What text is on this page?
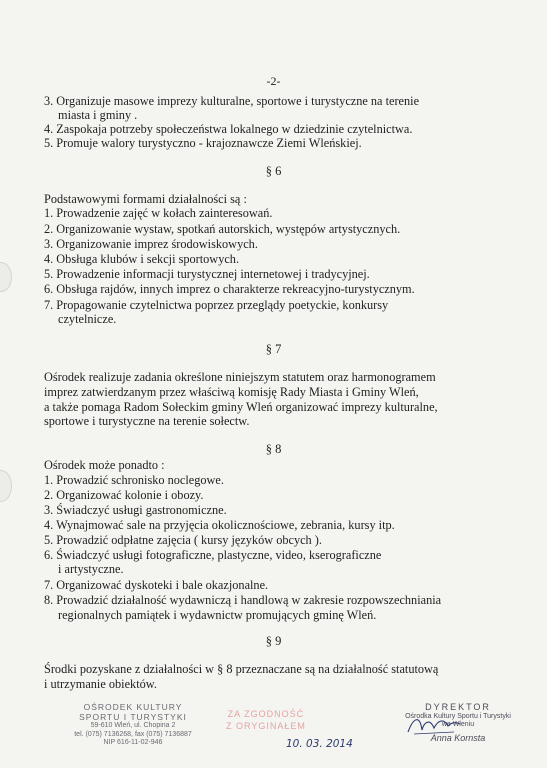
-2-
3. Organizuje masowe imprezy kulturalne, sportowe i turystyczne na terenie
miasta i gminy .
4. Zaspokaja potrzeby społeczeństwa lokalnego w dziedzinie czytelnictwa.
5. Promuje walory turystyczno - krajoznawcze Ziemi Wleńskiej.
§ 6
Podstawowymi formami działalności są :
1. Prowadzenie zajęć w kołach zainteresowań.
2. Organizowanie wystaw, spotkań autorskich, występów artystycznych.
3. Organizowanie imprez środowiskowych.
4. Obsługa klubów i sekcji sportowych.
5. Prowadzenie informacji turystycznej internetowej i tradycyjnej.
6. Obsługa rajdów, innych imprez o charakterze rekreacyjno-turystycznym.
7. Propagowanie czytelnictwa poprzez przeglądy poetyckie, konkursy
czytelnicze.
§ 7
Ośrodek realizuje zadania określone niniejszym statutem oraz harmonogramem
imprez zatwierdzanym przez właściwą komisję Rady Miasta i Gminy Wleń,
a także pomaga Radom Sołeckim gminy Wleń organizować imprezy kulturalne,
sportowe i turystyczne na terenie sołectw.
§ 8
Ośrodek może ponadto :
1. Prowadzić schronisko noclegowe.
2. Organizować kolonie i obozy.
3. Świadczyć usługi gastronomiczne.
4. Wynajmować sale na przyjęcia okolicznościowe, zebrania, kursy itp.
5. Prowadzić odpłatne zajęcia ( kursy języków obcych ).
6. Świadczyć usługi fotograficzne, plastyczne, video, kserograficzne
i artystyczne.
7. Organizować dyskoteki i bale okazjonalne.
8. Prowadzić działalność wydawniczą i handlową w zakresie rozpowszechniania
regionalnych pamiątek i wydawnictw promujących gminę Wleń.
§ 9
Środki pozyskane z działalności w § 8 przeznaczane są na działalność statutową
i utrzymanie obiektów.
OŚRODEK KULTURY
SPORTU I TURYSTYKI
59-610 Wleń, ul. Chopina 2
tel. (075) 7136268, fax (075) 7136887
NIP 616-11-02-946
ZA ZGODNOŚĆ
Z ORYGINAŁEM
10. 03. 2014
DYREKTOR
Ośrodka Kultury Sportu i Turystyki
we Wleniu
Anna Kornsta
